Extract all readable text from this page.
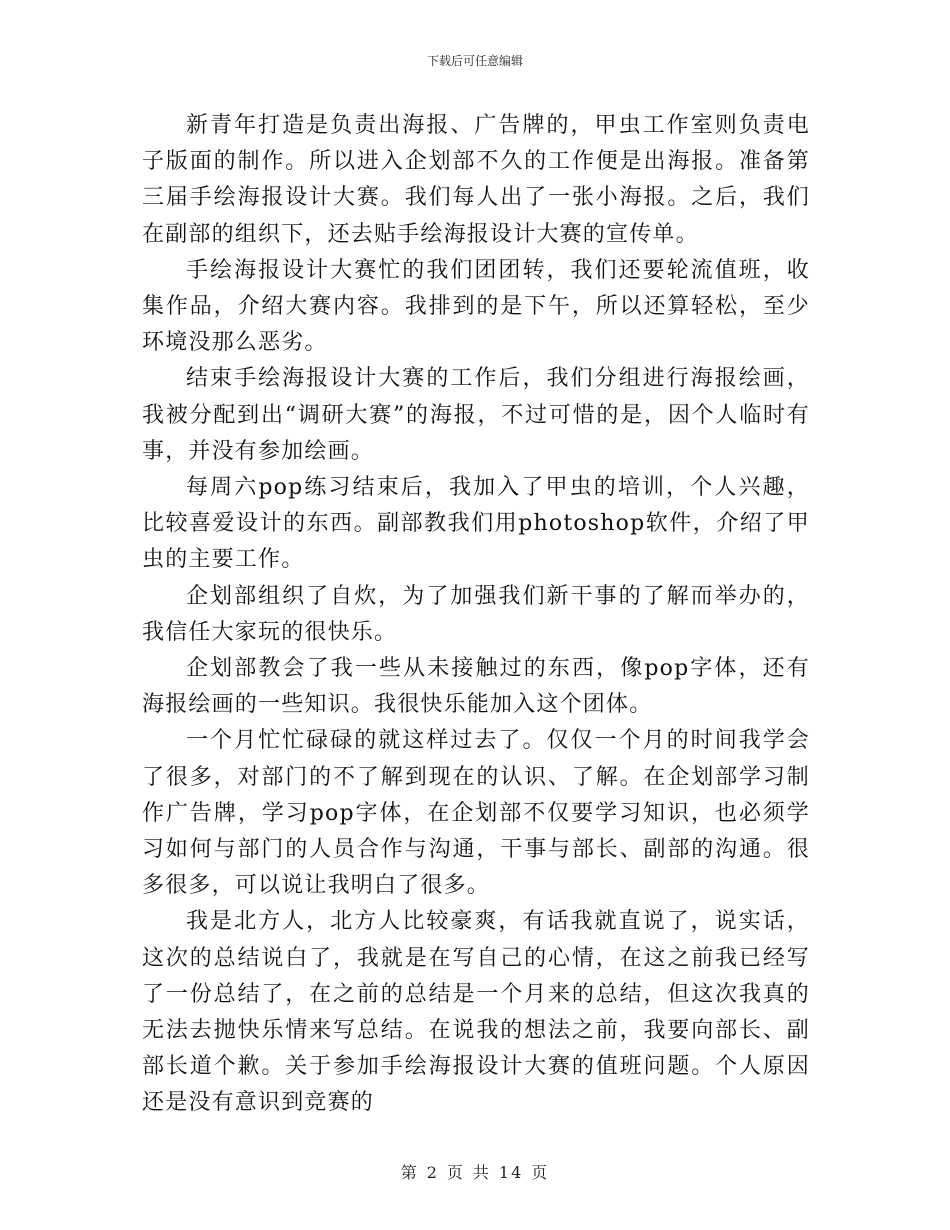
下载后可任意编辑

新青年打造是负责出海报、广告牌的，甲虫工作室则负责电子版面的制作。所以进入企划部不久的工作便是出海报。准备第三届手绘海报设计大赛。我们每人出了一张小海报。之后，我们在副部的组织下，还去贴手绘海报设计大赛的宣传单。

手绘海报设计大赛忙的我们团团转，我们还要轮流值班，收集作品，介绍大赛内容。我排到的是下午，所以还算轻松，至少环境没那么恶劣。

结束手绘海报设计大赛的工作后，我们分组进行海报绘画，我被分配到出“调研大赛”的海报，不过可惜的是，因个人临时有事，并没有参加绘画。

每周六pop练习结束后，我加入了甲虫的培训，个人兴趣，比较喜爱设计的东西。副部教我们用photoshop软件，介绍了甲虫的主要工作。

企划部组织了自炊，为了加强我们新干事的了解而举办的，我信任大家玩的很快乐。

企划部教会了我一些从未接触过的东西，像pop字体，还有海报绘画的一些知识。我很快乐能加入这个团体。

一个月忙忙碌碌的就这样过去了。仅仅一个月的时间我学会了很多，对部门的不了解到现在的认识、了解。在企划部学习制作广告牌，学习pop字体，在企划部不仅要学习知识，也必须学习如何与部门的人员合作与沟通，干事与部长、副部的沟通。很多很多，可以说让我明白了很多。

我是北方人，北方人比较豪爽，有话我就直说了，说实话，这次的总结说白了，我就是在写自己的心情，在这之前我已经写了一份总结了，在之前的总结是一个月来的总结，但这次我真的无法去抛快乐情来写总结。在说我的想法之前，我要向部长、副部长道个歉。关于参加手绘海报设计大赛的值班问题。个人原因还是没有意识到竞赛的

第 2 页 共 14 页
